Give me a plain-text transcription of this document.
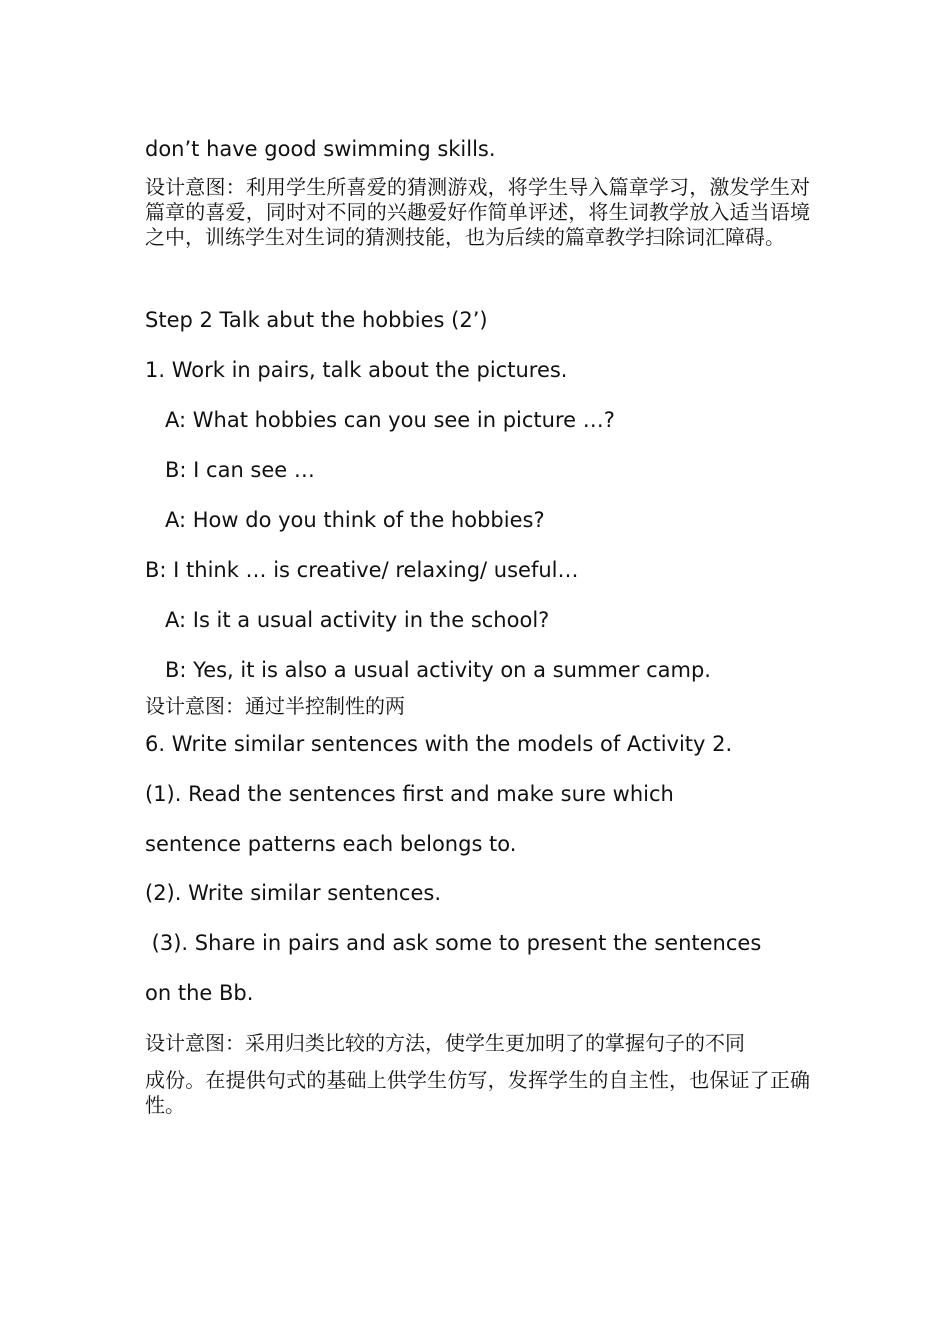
don’t have good swimming skills.
设计意图：利用学生所喜爱的猜测游戏，将学生导入篇章学习，激发学生对篇章的喜爱，同时对不同的兴趣爱好作简单评述，将生词教学放入适当语境之中，训练学生对生词的猜测技能，也为后续的篇章教学扫除词汇障碍。
Step 2 Talk abut the hobbies (2’)
1. Work in pairs, talk about the pictures.
A: What hobbies can you see in picture …?
B: I can see …
A: How do you think of the hobbies?
B: I think … is creative/ relaxing/ useful…
A: Is it a usual activity in the school?
B: Yes, it is also a usual activity on a summer camp.
设计意图：通过半控制性的两
6. Write similar sentences with the models of Activity 2.
(1). Read the sentences first and make sure which
sentence patterns each belongs to.
(2). Write similar sentences.
(3). Share in pairs and ask some to present the sentences
on the Bb.
设计意图：采用归类比较的方法，使学生更加明了的掌握句子的不同
成份。在提供句式的基础上供学生仿写，发挥学生的自主性，也保证了正确性。
